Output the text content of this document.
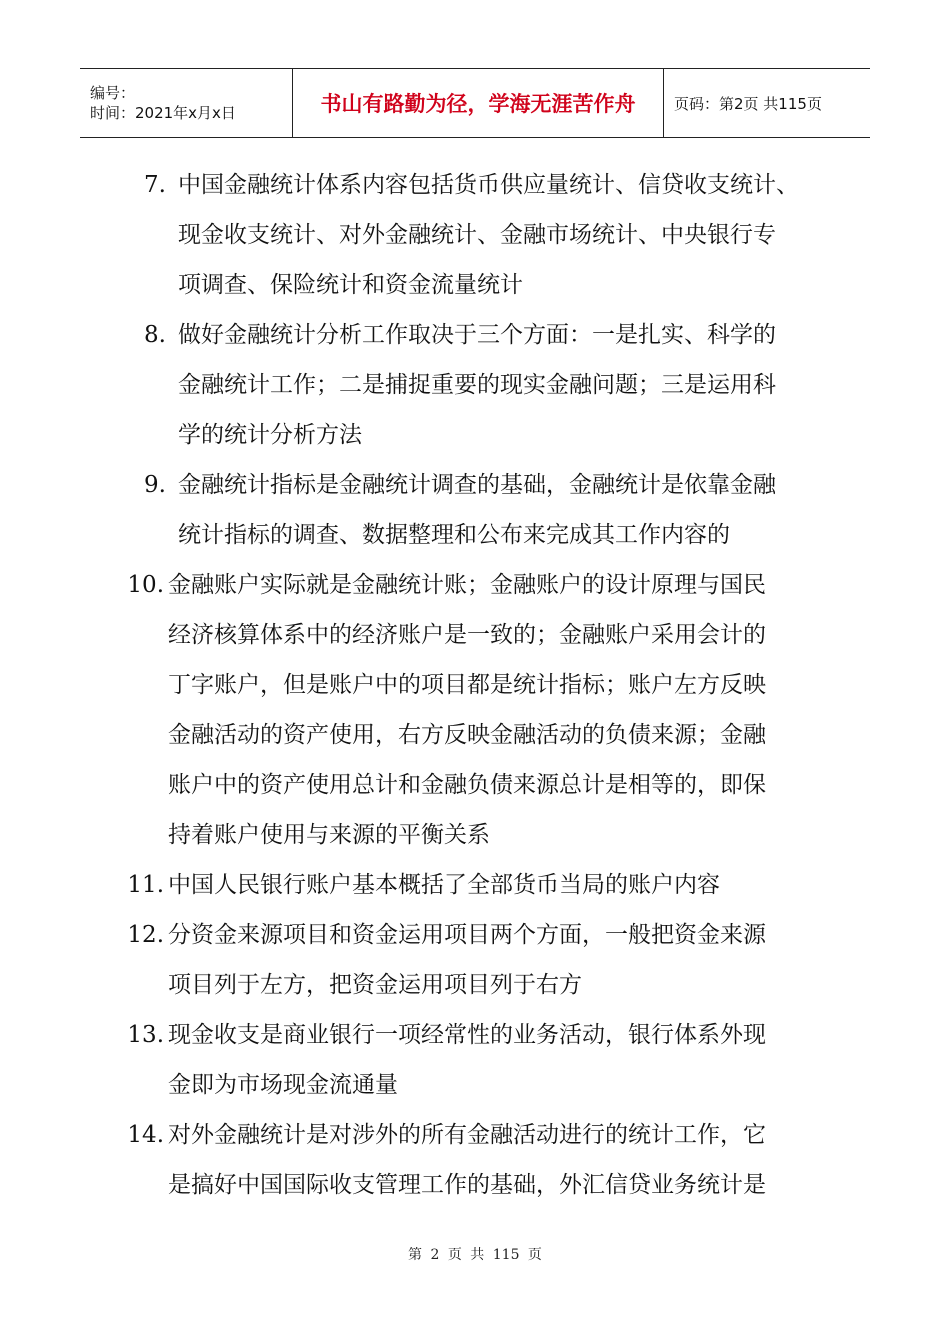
编号：
时间：2021年x月x日	书山有路勤为径，学海无涯苦作舟	页码：第2页 共115页
7. 中国金融统计体系内容包括货币供应量统计、信贷收支统计、
现金收支统计、对外金融统计、金融市场统计、中央银行专
项调查、保险统计和资金流量统计
8. 做好金融统计分析工作取决于三个方面：一是扎实、科学的
金融统计工作；二是捕捉重要的现实金融问题；三是运用科
学的统计分析方法
9. 金融统计指标是金融统计调查的基础，金融统计是依靠金融
统计指标的调查、数据整理和公布来完成其工作内容的
10. 金融账户实际就是金融统计账；金融账户的设计原理与国民
经济核算体系中的经济账户是一致的；金融账户采用会计的
丁字账户，但是账户中的项目都是统计指标；账户左方反映
金融活动的资产使用，右方反映金融活动的负债来源；金融
账户中的资产使用总计和金融负债来源总计是相等的，即保
持着账户使用与来源的平衡关系
11. 中国人民银行账户基本概括了全部货币当局的账户内容
12. 分资金来源项目和资金运用项目两个方面，一般把资金来源
项目列于左方，把资金运用项目列于右方
13. 现金收支是商业银行一项经常性的业务活动，银行体系外现
金即为市场现金流通量
14. 对外金融统计是对涉外的所有金融活动进行的统计工作，它
是搞好中国国际收支管理工作的基础，外汇信贷业务统计是
第 2 页 共 115 页
